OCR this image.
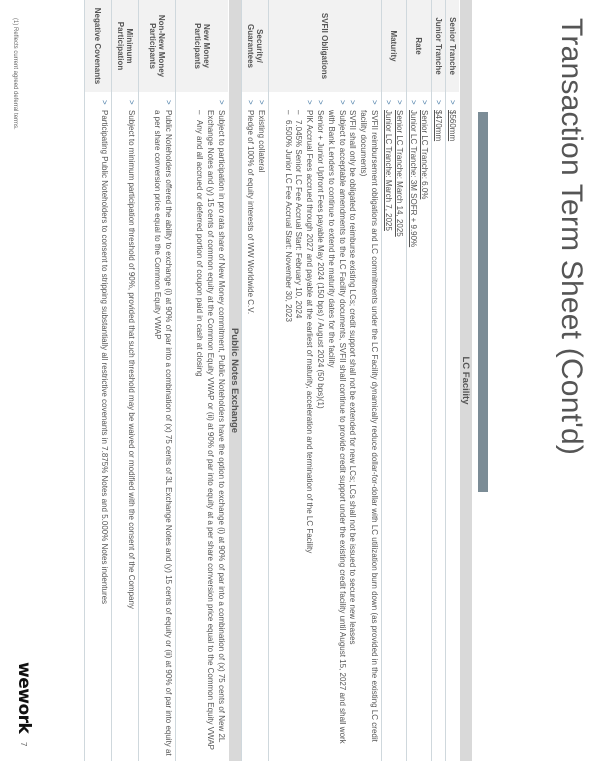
Transaction Term Sheet (Cont'd)
LC Facility
Senior Tranche
>
$560mm
Junior Tranche
>
$470mm
Rate
>
Senior LC Tranche: 6.0%
>
Junior LC Tranche: 3M SOFR + 9.90%
Maturity
>
Senior LC Tranche: March 14, 2025
>
Junior LC Tranche: March 7, 2025
SVFII Obligations
>
SVFII reimbursement obligations and LC commitments under the LC Facility dynamically reduce dollar-for-dollar with LC utilization burn down (as provided in the existing LC credit facility documents)
>
SVFII shall only be obligated to reimburse existing LCs; credit support shall not be extended for new LCs; LCs shall not be issued to secure new leases
>
Subject to acceptable amendments to the LC Facility documents, SVFII shall continue to provide credit support under the existing credit facility until August 15, 2027 and shall work with Bank Lenders to continue to extend the maturity dates for the facility
>
Senior + Junior Upfront Fees payable May 2024 (150 bps) / August 2024 (50 bps)(1)
>
PIK Accrual Fees accrued through 2027 and payable at the earliest of maturity, acceleration and termination of the LC Facility
–
7.045% Senior LC Fee Accrual Start: February 10, 2024
–
6.500% Junior LC Fee Accrual Start: November 30, 2023
Security/ Guarantees
>
Existing collateral
>
Pledge of 100% of equity interests of WW Worldwide C.V.
Public Notes Exchange
New Money Participants
>
Subject to participation in pro rata share of New Money commitment, Public Noteholders have the option to exchange (i) at 90% of par into a combination of (x) 75 cents of New 2L Exchange Notes and (y) 15 cents of common equity at the Common Equity VWAP or (ii) at 90% of par into equity at a per share conversion price equal to the Common Equity VWAP
–
Any and all accrued or deferred portion of coupon paid in cash at closing
Non-New Money Participants
>
Public Noteholders offered the ability to exchange (i) at 90% of par into a combination of (x) 75 cents of 3L Exchange Notes and (y) 15 cents of equity or (ii) at 90% of par into equity at a per share conversion price equal to the Common Equity VWAP
Minimum Participation
>
Subject to minimum participation threshold of 90%, provided that such threshold may be waived or modified with the consent of the Company
Negative Covenants
>
Participating Public Noteholders to consent to stripping substantially all restrictive covenants in 7.875% Notes and 5.000% Notes indentures
(1) Reflects current agreed deferral terms.
wework
7
